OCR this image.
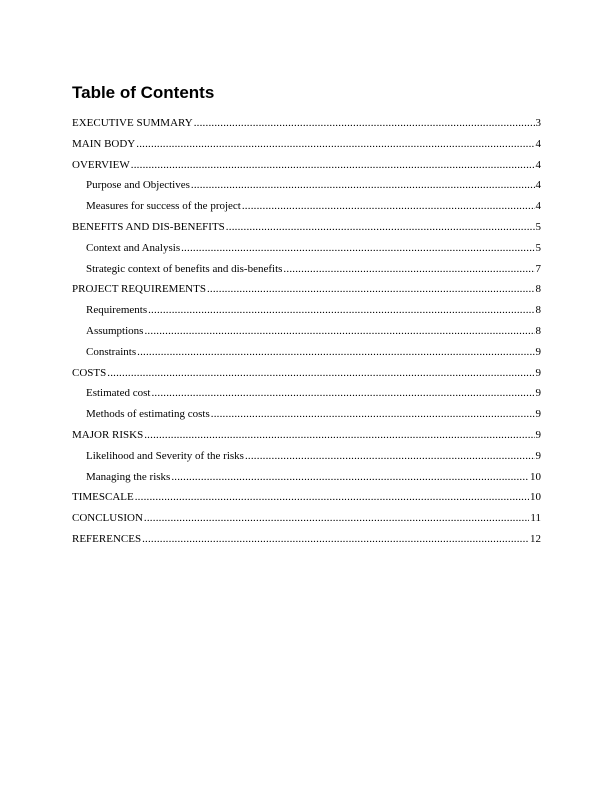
Table of Contents
EXECUTIVE SUMMARY .....	3
MAIN BODY .....	4
OVERVIEW .....	4
Purpose and Objectives .....	4
Measures for success of the project .....	4
BENEFITS AND DIS-BENEFITS .....	5
Context and Analysis .....	5
Strategic context of benefits and dis-benefits .....	7
PROJECT REQUIREMENTS .....	8
Requirements .....	8
Assumptions .....	8
Constraints .....	9
COSTS .....	9
Estimated cost .....	9
Methods of estimating costs .....	9
MAJOR RISKS .....	9
Likelihood and Severity of the risks .....	9
Managing the risks .....	10
TIMESCALE .....	10
CONCLUSION .....	11
REFERENCES .....	12
